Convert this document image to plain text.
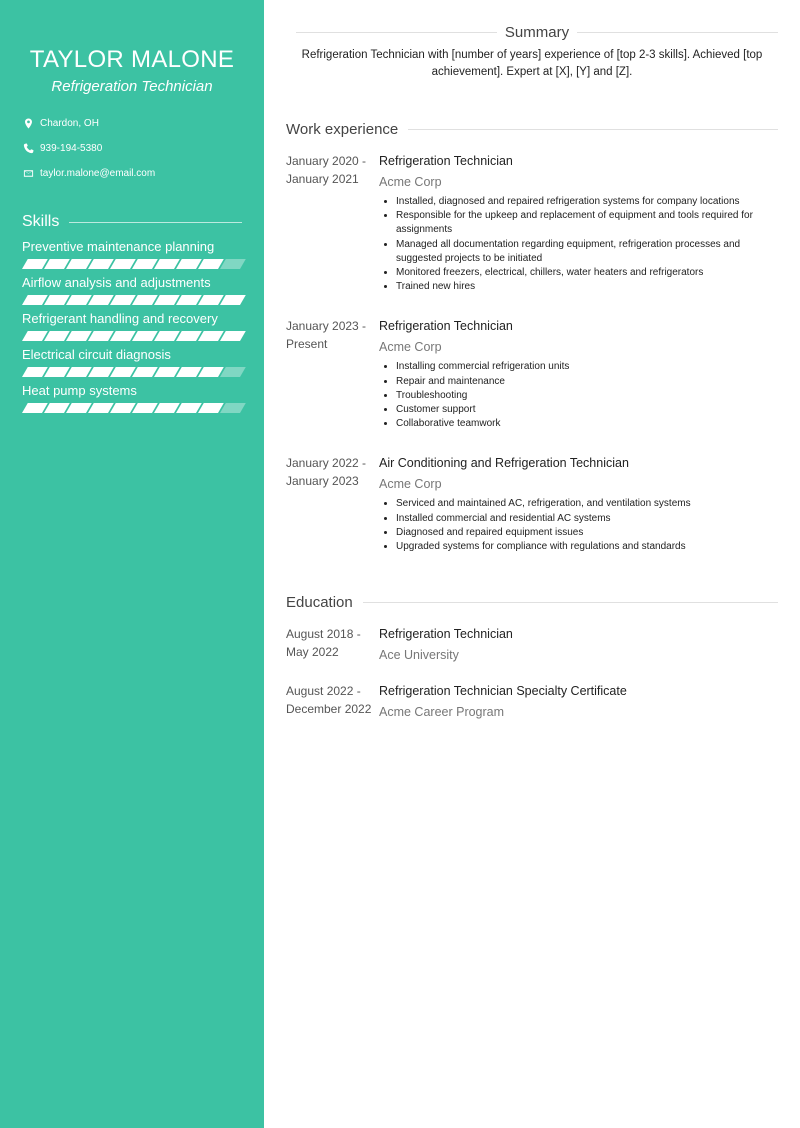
TAYLOR MALONE
Refrigeration Technician
Chardon, OH
939-194-5380
taylor.malone@email.com
Skills
Preventive maintenance planning
Airflow analysis and adjustments
Refrigerant handling and recovery
Electrical circuit diagnosis
Heat pump systems
Summary

Refrigeration Technician with [number of years] experience of [top 2-3 skills]. Achieved [top achievement]. Expert at [X], [Y] and [Z].

Work experience
January 2020 -
January 2021
Refrigeration Technician
Acme Corp
• Installed, diagnosed and repaired refrigeration systems for company locations
• Responsible for the upkeep and replacement of equipment and tools required for assignments
• Managed all documentation regarding equipment, refrigeration processes and suggested projects to be initiated
• Monitored freezers, electrical, chillers, water heaters and refrigerators
• Trained new hires
January 2023 -
Present
Refrigeration Technician
Acme Corp
• Installing commercial refrigeration units
• Repair and maintenance
• Troubleshooting
• Customer support
• Collaborative teamwork
January 2022 -
January 2023
Air Conditioning and Refrigeration Technician
Acme Corp
• Serviced and maintained AC, refrigeration, and ventilation systems
• Installed commercial and residential AC systems
• Diagnosed and repaired equipment issues
• Upgraded systems for compliance with regulations and standards
Education
August 2018 -
May 2022
Refrigeration Technician
Ace University
August 2022 -
December 2022
Refrigeration Technician Specialty Certificate
Acme Career Program
